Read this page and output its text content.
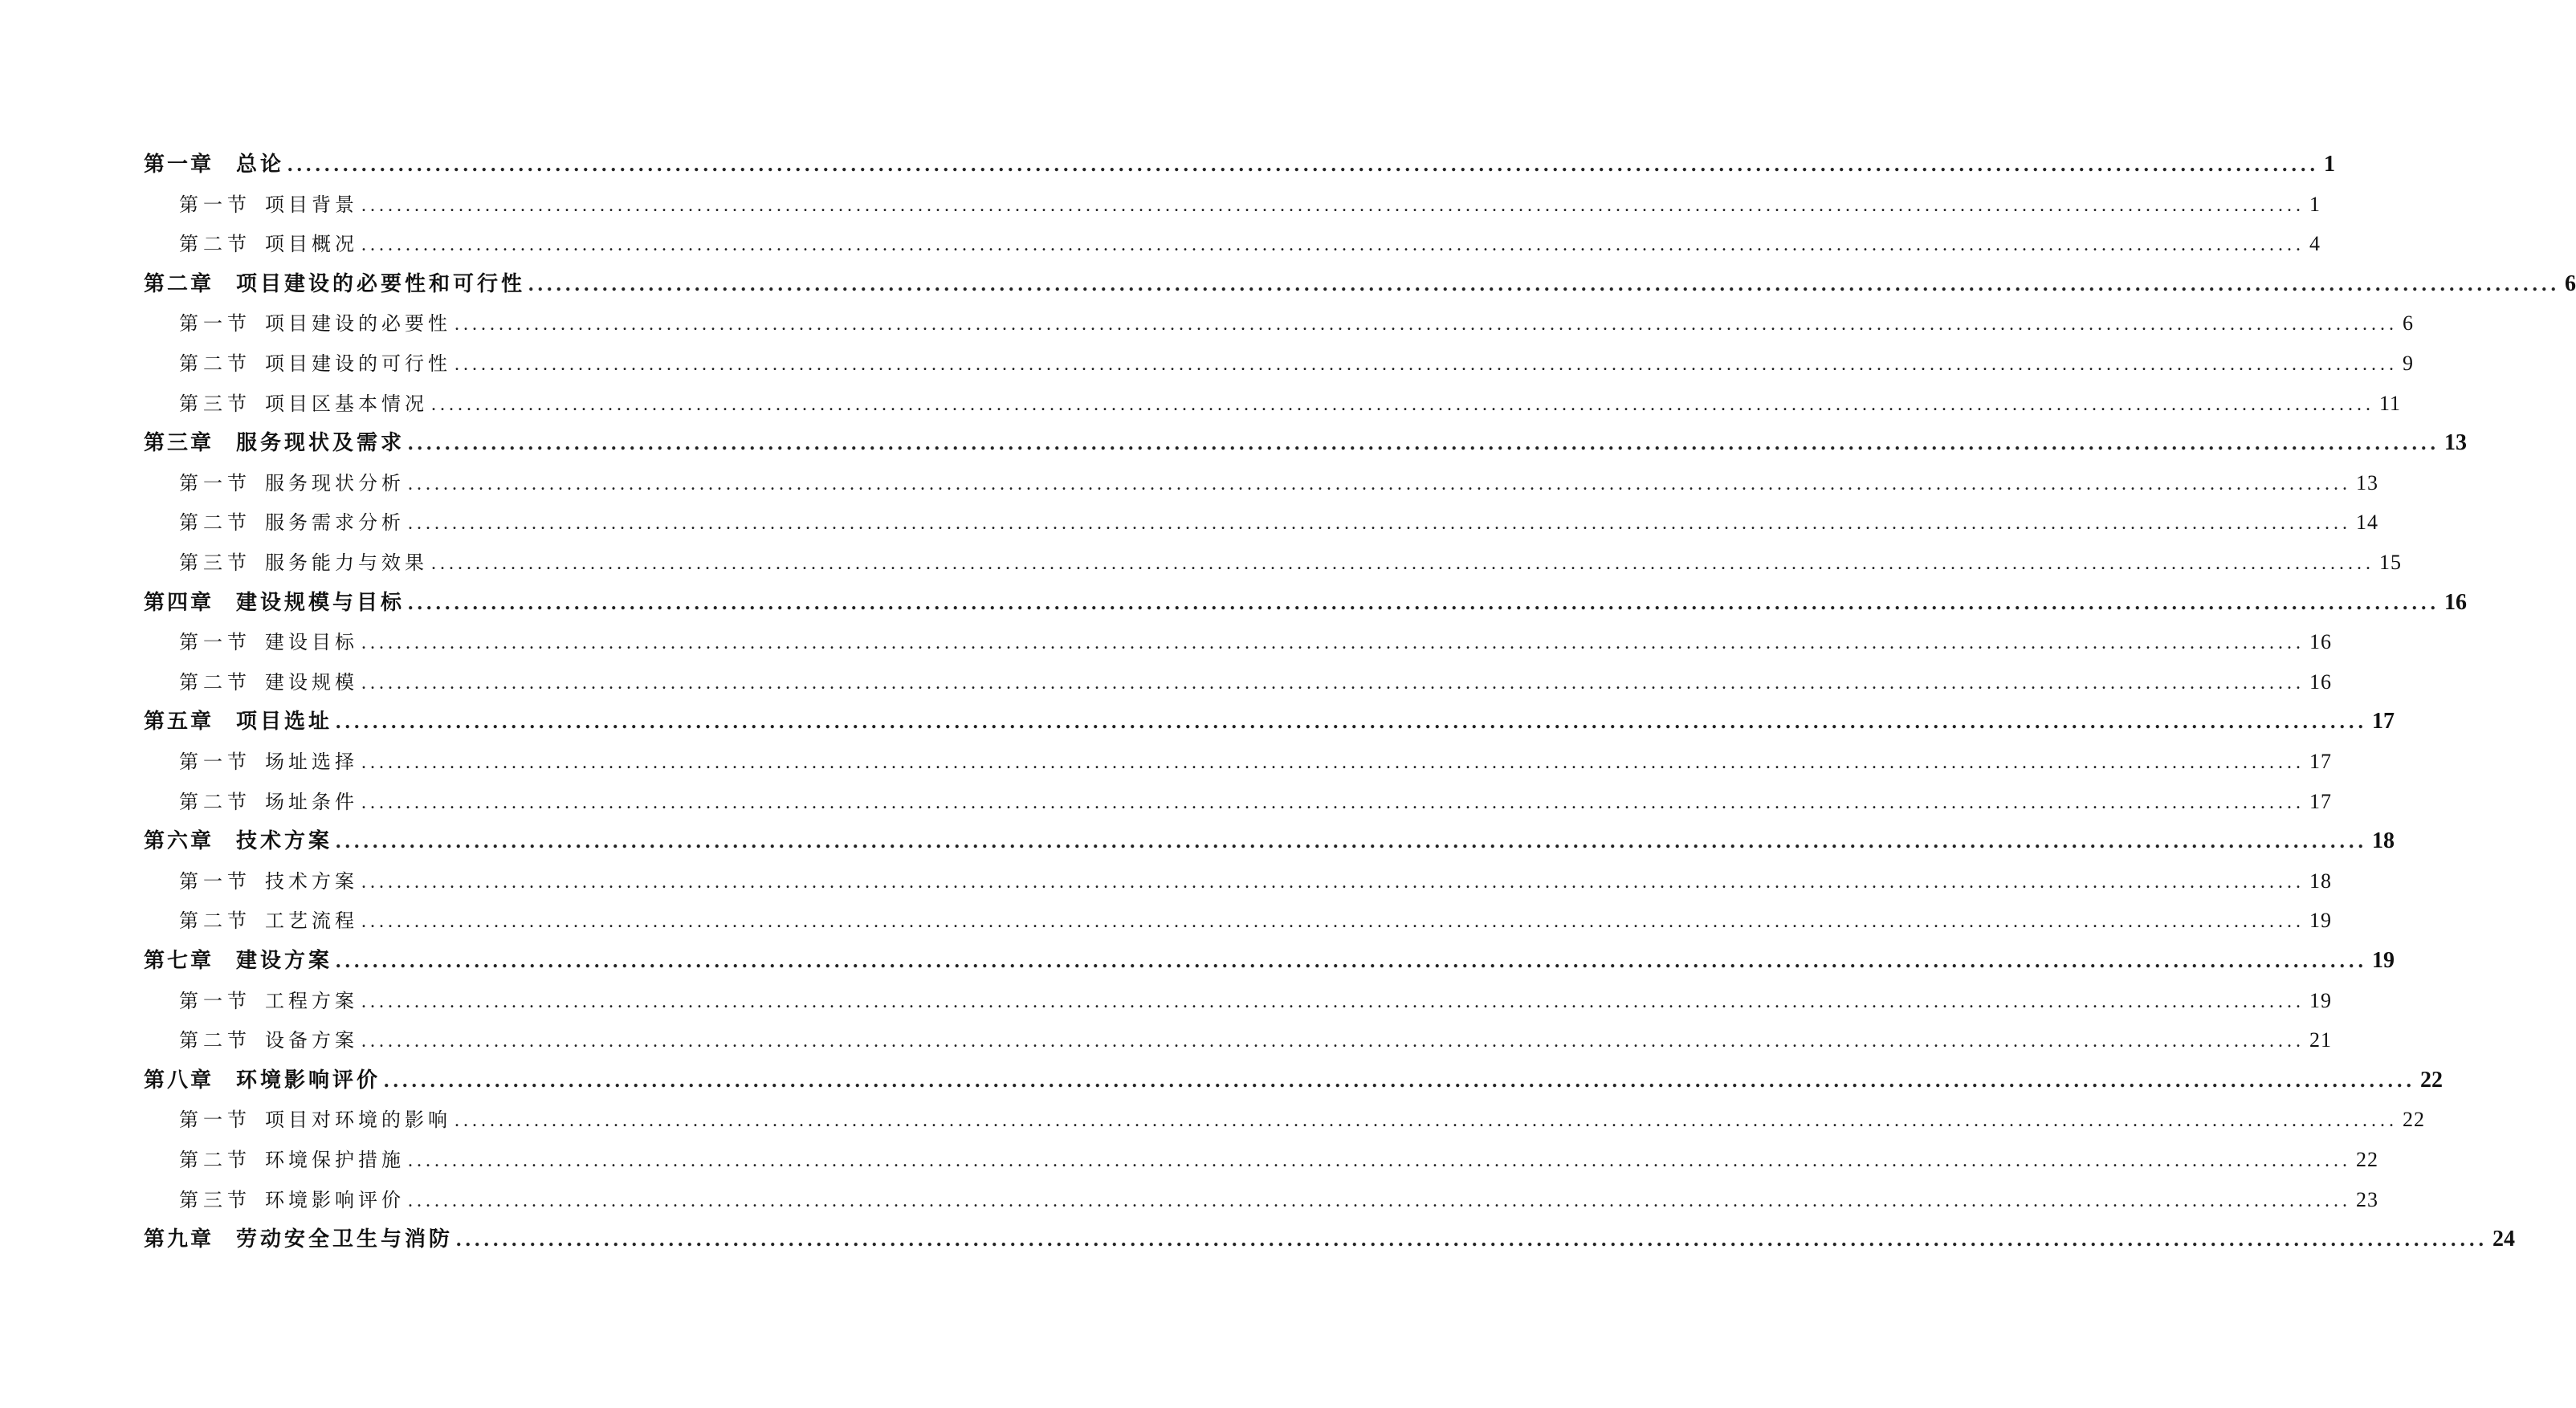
第一章	总论 ............................................................................................................................................................................................................................ 1
第一节 项目背景 ............................................................................................................................................................................................................................ 1
第二节 项目概况 ............................................................................................................................................................................................................................ 4
第二章	项目建设的必要性和可行性 ............................................................................................................................................................................................................................ 6
第一节 项目建设的必要性 ............................................................................................................................................................................................................................ 6
第二节 项目建设的可行性 ............................................................................................................................................................................................................................ 9
第三节 项目区基本情况 ............................................................................................................................................................................................................................ 11
第三章	服务现状及需求 ............................................................................................................................................................................................................................ 13
第一节 服务现状分析 ............................................................................................................................................................................................................................ 13
第二节 服务需求分析 ............................................................................................................................................................................................................................ 14
第三节 服务能力与效果 ............................................................................................................................................................................................................................ 15
第四章	建设规模与目标 ............................................................................................................................................................................................................................ 16
第一节 建设目标 ............................................................................................................................................................................................................................ 16
第二节 建设规模 ............................................................................................................................................................................................................................ 16
第五章	项目选址 ............................................................................................................................................................................................................................ 17
第一节 场址选择 ............................................................................................................................................................................................................................ 17
第二节 场址条件 ............................................................................................................................................................................................................................ 17
第六章	技术方案 ............................................................................................................................................................................................................................ 18
第一节 技术方案 ............................................................................................................................................................................................................................ 18
第二节 工艺流程 ............................................................................................................................................................................................................................ 19
第七章	建设方案 ............................................................................................................................................................................................................................ 19
第一节 工程方案 ............................................................................................................................................................................................................................ 19
第二节 设备方案 ............................................................................................................................................................................................................................ 21
第八章	环境影响评价 ............................................................................................................................................................................................................................ 22
第一节 项目对环境的影响 ............................................................................................................................................................................................................................ 22
第二节 环境保护措施 ............................................................................................................................................................................................................................ 22
第三节 环境影响评价 ............................................................................................................................................................................................................................ 23
第九章	劳动安全卫生与消防 ............................................................................................................................................................................................................................ 24
